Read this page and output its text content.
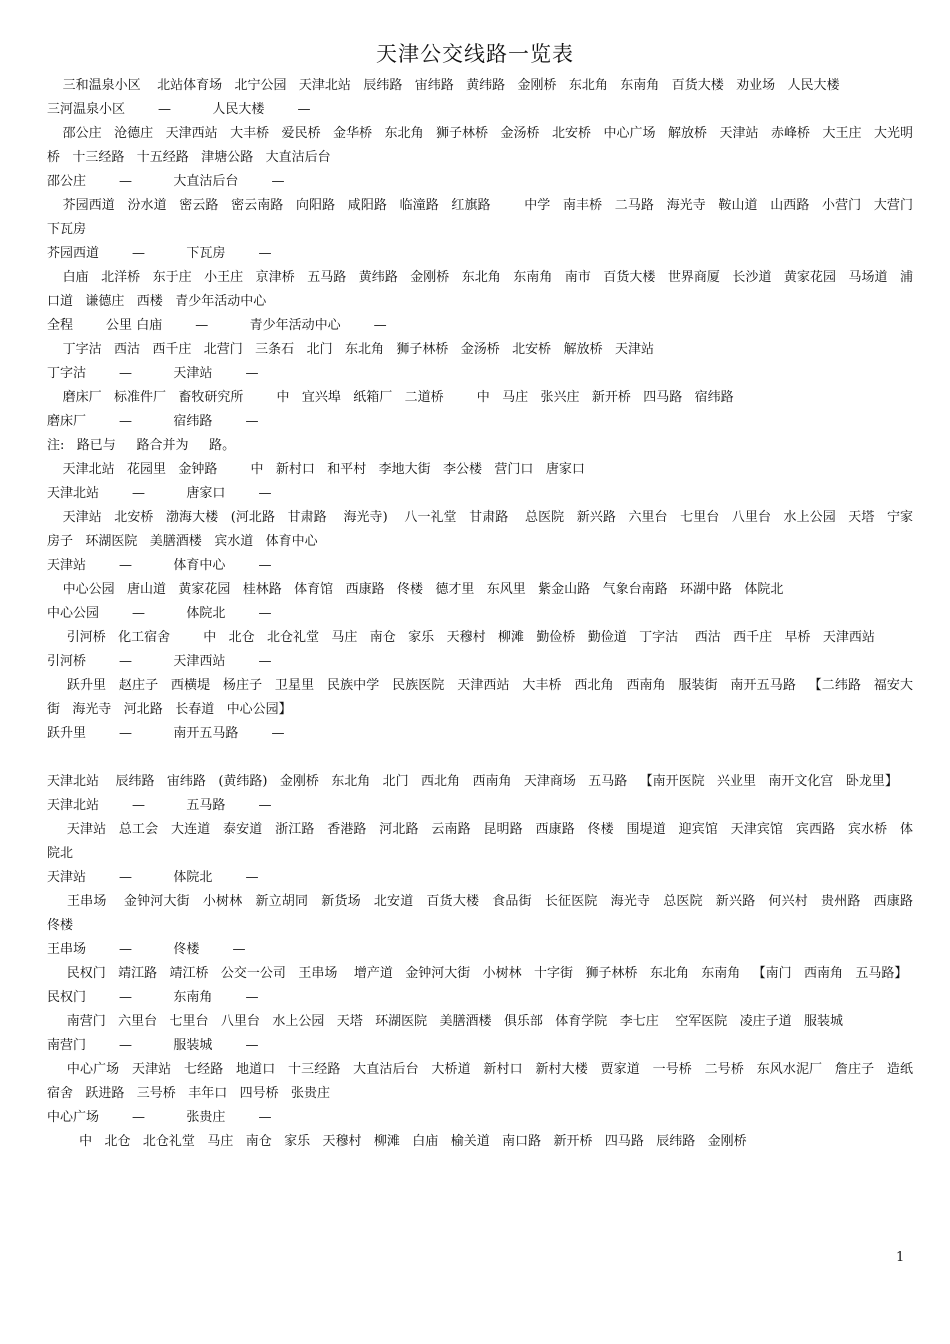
天津公交线路一览表
三和温泉小区    北站体育场   北宁公园   天津北站   辰纬路   宙纬路   黄纬路   金刚桥   东北角   东南角   百货大楼   劝业场   人民大楼
三河温泉小区        —          人民大楼        —
邵公庄   沧德庄   天津西站   大丰桥   爱民桥   金华桥   东北角   狮子林桥   金汤桥   北安桥   中心广场   解放桥   天津站   赤峰桥   大王庄   大光明桥   十三经路   十五经路   津塘公路   大直沽后台
邵公庄        —          大直沽后台        —
芥园西道   汾水道   密云路   密云南路   向阳路   咸阳路   临潼路   红旗路        中学   南丰桥   二马路   海光寺   鞍山道   山西路   小营门   大营门   下瓦房
芥园西道        —          下瓦房        —
白庙   北洋桥   东于庄   小王庄   京津桥   五马路   黄纬路   金刚桥   东北角   东南角   南市   百货大楼   世界商厦   长沙道   黄家花园   马场道   浦口道   谦德庄   西楼   青少年活动中心
全程        公里 白庙        —          青少年活动中心        —
丁字沽   西沽   西千庄   北营门   三条石   北门   东北角   狮子林桥   金汤桥   北安桥   解放桥   天津站
丁字沽        —          天津站        —
磨床厂   标准件厂   畜牧研究所        中   宜兴埠   纸箱厂   二道桥        中   马庄   张兴庄   新开桥   四马路   宿纬路
磨床厂        —          宿纬路        —
注:   路已与     路合并为     路。
天津北站   花园里   金钟路        中   新村口   和平村   李地大街   李公楼   营门口   唐家口
天津北站        —          唐家口        —
天津站   北安桥   渤海大楼   (河北路   甘肃路    海光寺)    八一礼堂   甘肃路    总医院   新兴路   六里台   七里台   八里台   水上公园   天塔   宁家房子   环湖医院   美膳酒楼   宾水道   体育中心
天津站        —          体育中心        —
中心公园   唐山道   黄家花园   桂林路   体育馆   西康路   佟楼   德才里   东风里   紫金山路   气象台南路   环湖中路   体院北
中心公园        —          体院北        —
引河桥   化工宿舍        中   北仓   北仓礼堂   马庄   南仓   家乐   天穆村   柳滩   勤俭桥   勤俭道   丁字沽    西沽   西千庄   早桥   天津西站
引河桥        —          天津西站        —
跃升里   赵庄子   西横堤   杨庄子   卫星里   民族中学   民族医院   天津西站   大丰桥   西北角   西南角   服装街   南开五马路   【二纬路   福安大街   海光寺   河北路   长春道   中心公园】
跃升里        —          南开五马路        —
天津北站    辰纬路   宙纬路   (黄纬路)   金刚桥   东北角   北门   西北角   西南角   天津商场   五马路   【南开医院   兴业里   南开文化宫   卧龙里】
天津北站        —          五马路        —
天津站   总工会   大连道   泰安道   浙江路   香港路   河北路   云南路   昆明路   西康路   佟楼   围堤道   迎宾馆   天津宾馆   宾西路   宾水桥   体院北
天津站        —          体院北        —
王串场    金钟河大街   小树林   新立胡同   新货场   北安道   百货大楼   食品街   长征医院   海光寺   总医院   新兴路   何兴村   贵州路   西康路   佟楼
王串场        —          佟楼        —
民权门   靖江路   靖江桥   公交一公司   王串场    增产道   金钟河大街   小树林   十字街   狮子林桥   东北角   东南角   【南门   西南角   五马路】
民权门        —          东南角        —
南营门   六里台   七里台   八里台   水上公园   天塔   环湖医院   美膳酒楼   俱乐部   体育学院   李七庄    空军医院   凌庄子道   服装城
南营门        —          服装城        —
中心广场   天津站   七经路   地道口   十三经路   大直沽后台   大桥道   新村口   新村大楼   贾家道   一号桥   二号桥   东风水泥厂   詹庄子   造纸宿舍   跃进路   三号桥   丰年口   四号桥   张贵庄
中心广场        —          张贵庄        —
中   北仓   北仓礼堂   马庄   南仓   家乐   天穆村   柳滩   白庙   榆关道   南口路   新开桥   四马路   辰纬路   金刚桥
1
